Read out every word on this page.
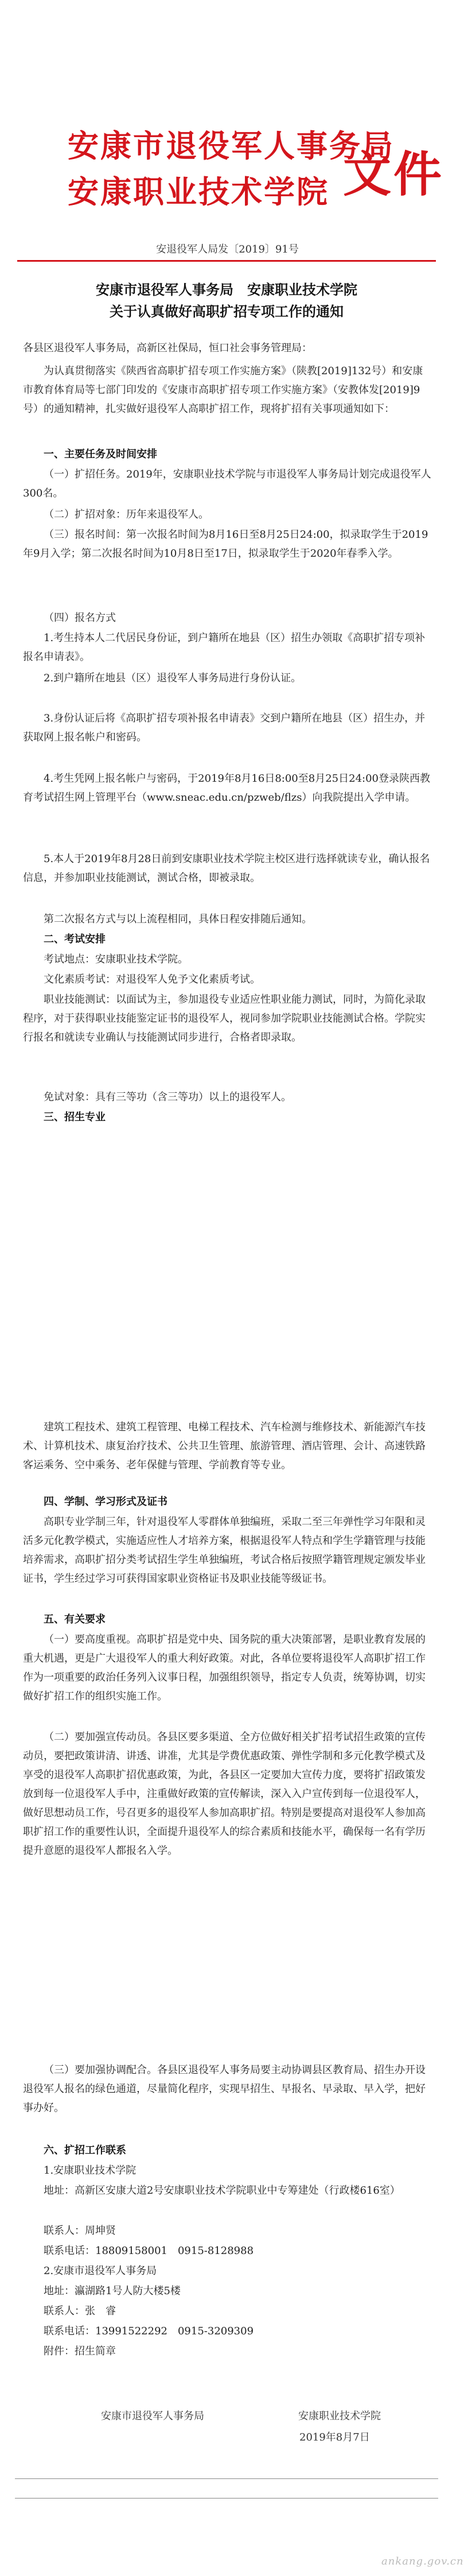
安康市退役军人事务局
安康职业技术学院 文件
安退役军人局发〔2019〕91号
安康市退役军人事务局　安康职业技术学院
关于认真做好高职扩招专项工作的通知

各县区退役军人事务局，高新区社保局，恒口社会事务管理局：

为认真贯彻落实《陕西省高职扩招专项工作实施方案》（陕教[2019]132号）和安康市教育体育局等七部门印发的《安康市高职扩招专项工作实施方案》（安教体发[2019]9号）的通知精神，扎实做好退役军人高职扩招工作，现将扩招有关事项通知如下：

一、主要任务及时间安排

（一）扩招任务。2019年，安康职业技术学院与市退役军人事务局计划完成退役军人300名。

（二）扩招对象：历年来退役军人。

（三）报名时间：第一次报名时间为8月16日至8月25日24:00，拟录取学生于2019年9月入学；第二次报名时间为10月8日至17日，拟录取学生于2020年春季入学。

（四）报名方式

1.考生持本人二代居民身份证，到户籍所在地县（区）招生办领取《高职扩招专项补报名申请表》。

2.到户籍所在地县（区）退役军人事务局进行身份认证。

3.身份认证后将《高职扩招专项补报名申请表》交到户籍所在地县（区）招生办，并获取网上报名帐户和密码。

4.考生凭网上报名帐户与密码，于2019年8月16日8:00至8月25日24:00登录陕西教育考试招生网上管理平台（www.sneac.edu.cn/pzweb/flzs）向我院提出入学申请。

5.本人于2019年8月28日前到安康职业技术学院主校区进行选择就读专业，确认报名信息，并参加职业技能测试，测试合格，即被录取。

第二次报名方式与以上流程相同，具体日程安排随后通知。

二、考试安排

考试地点：安康职业技术学院。

文化素质考试：对退役军人免予文化素质考试。

职业技能测试：以面试为主，参加退役专业适应性职业能力测试，同时，为简化录取程序，对于获得职业技能鉴定证书的退役军人，视同参加学院职业技能测试合格。学院实行报名和就读专业确认与技能测试同步进行，合格者即录取。

免试对象：具有三等功（含三等功）以上的退役军人。

三、招生专业

建筑工程技术、建筑工程管理、电梯工程技术、汽车检测与维修技术、新能源汽车技术、计算机技术、康复治疗技术、公共卫生管理、旅游管理、酒店管理、会计、高速铁路客运乘务、空中乘务、老年保健与管理、学前教育等专业。

四、学制、学习形式及证书

高职专业学制三年，针对退役军人零群体单独编班，采取二至三年弹性学习年限和灵活多元化教学模式，实施适应性人才培养方案，根据退役军人特点和学生学籍管理与技能培养需求，高职扩招分类考试招生学生单独编班，考试合格后按照学籍管理规定颁发毕业证书，学生经过学习可获得国家职业资格证书及职业技能等级证书。

五、有关要求

（一）要高度重视。高职扩招是党中央、国务院的重大决策部署，是职业教育发展的重大机遇，更是广大退役军人的重大利好政策。对此，各单位要将退役军人高职扩招工作作为一项重要的政治任务列入议事日程，加强组织领导，指定专人负责，统筹协调，切实做好扩招工作的组织实施工作。

（二）要加强宣传动员。各县区要多渠道、全方位做好相关扩招考试招生政策的宣传动员，要把政策讲清、讲透、讲准，尤其是学费优惠政策、弹性学制和多元化教学模式及享受的退役军人高职扩招优惠政策，为此，各县区一定要加大宣传力度，要将扩招政策发放到每一位退役军人手中，注重做好政策的宣传解读，深入入户宣传到每一位退役军人，做好思想动员工作，号召更多的退役军人参加高职扩招。特别是要提高对退役军人参加高职扩招工作的重要性认识，全面提升退役军人的综合素质和技能水平，确保每一名有学历提升意愿的退役军人都报名入学。

（三）要加强协调配合。各县区退役军人事务局要主动协调县区教育局、招生办开设退役军人报名的绿色通道，尽量简化程序，实现早招生、早报名、早录取、早入学，把好事办好。

六、扩招工作联系

1.安康职业技术学院

地址：高新区安康大道2号安康职业技术学院职业中专筹建处（行政楼616室）

联系人：周坤贤

联系电话：18809158001　0915-8128988

2.安康市退役军人事务局

地址：瀛湖路1号人防大楼5楼

联系人：张　睿

联系电话：13991522292　0915-3209309

附件：招生简章

安康市退役军人事务局	安康职业技术学院
2019年8月7日
ankang.gov.cn
